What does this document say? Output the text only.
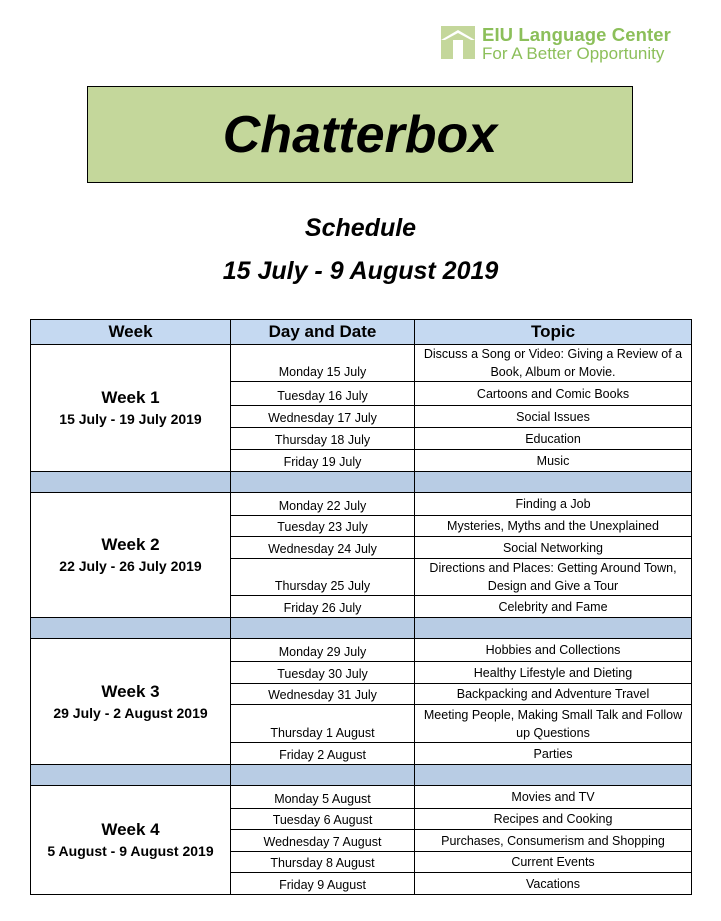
EIU Language Center
For A Better Opportunity
Chatterbox
Schedule
15 July - 9 August 2019
Week	Day and Date	Topic

Week 1
15 July - 19 July 2019	Monday 15 July	Discuss a Song or Video: Giving a Review of a Book, Album or Movie.
	Tuesday 16 July	Cartoons and Comic Books
	Wednesday 17 July	Social Issues
	Thursday 18 July	Education
	Friday 19 July	Music

Week 2
22 July - 26 July 2019	Monday 22 July	Finding a Job
	Tuesday 23 July	Mysteries, Myths and the Unexplained
	Wednesday 24 July	Social Networking
	Thursday 25 July	Directions and Places: Getting Around Town, Design and Give a Tour
	Friday 26 July	Celebrity and Fame

Week 3
29 July - 2 August 2019	Monday 29 July	Hobbies and Collections
	Tuesday 30 July	Healthy Lifestyle and Dieting
	Wednesday 31 July	Backpacking and Adventure Travel
	Thursday 1 August	Meeting People, Making Small Talk and Follow up Questions
	Friday 2 August	Parties

Week 4
5 August - 9 August 2019	Monday 5 August	Movies and TV
	Tuesday 6 August	Recipes and Cooking
	Wednesday 7 August	Purchases, Consumerism and Shopping
	Thursday 8 August	Current Events
	Friday 9 August	Vacations
